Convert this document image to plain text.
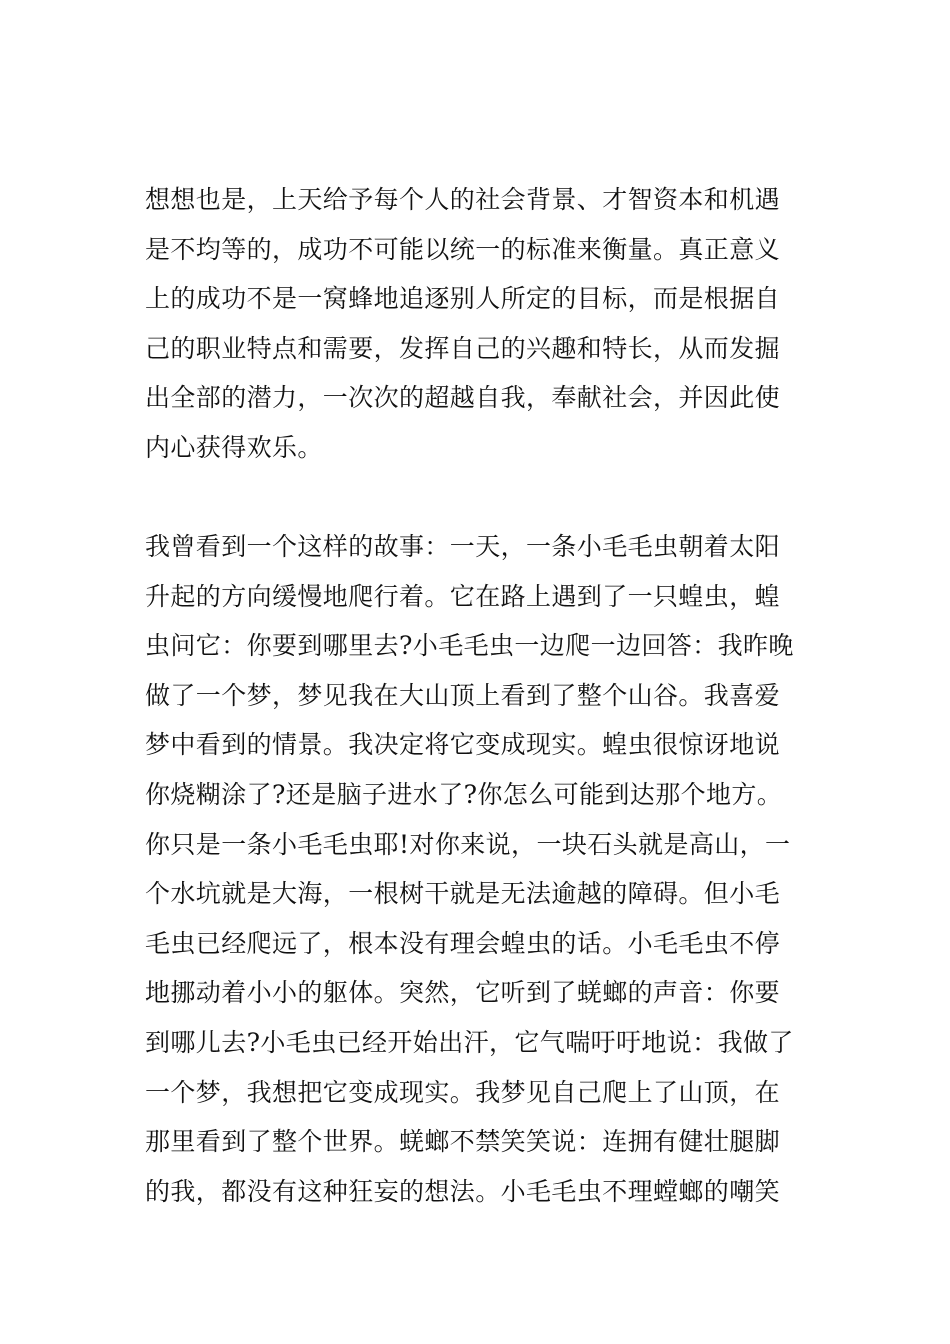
想想也是，上天给予每个人的社会背景、才智资本和机遇
是不均等的，成功不可能以统一的标准来衡量。真正意义
上的成功不是一窝蜂地追逐别人所定的目标，而是根据自
己的职业特点和需要，发挥自己的兴趣和特长，从而发掘
出全部的潜力，一次次的超越自我，奉献社会，并因此使
内心获得欢乐。
我曾看到一个这样的故事：一天，一条小毛毛虫朝着太阳
升起的方向缓慢地爬行着。它在路上遇到了一只蝗虫，蝗
虫问它：你要到哪里去?小毛毛虫一边爬一边回答：我昨晚
做了一个梦，梦见我在大山顶上看到了整个山谷。我喜爱
梦中看到的情景。我决定将它变成现实。蝗虫很惊讶地说
你烧糊涂了?还是脑子进水了?你怎么可能到达那个地方。
你只是一条小毛毛虫耶!对你来说，一块石头就是高山，一
个水坑就是大海，一根树干就是无法逾越的障碍。但小毛
毛虫已经爬远了，根本没有理会蝗虫的话。小毛毛虫不停
地挪动着小小的躯体。突然，它听到了蜣螂的声音：你要
到哪儿去?小毛虫已经开始出汗，它气喘吁吁地说：我做了
一个梦，我想把它变成现实。我梦见自己爬上了山顶，在
那里看到了整个世界。蜣螂不禁笑笑说：连拥有健壮腿脚
的我，都没有这种狂妄的想法。小毛毛虫不理螳螂的嘲笑
